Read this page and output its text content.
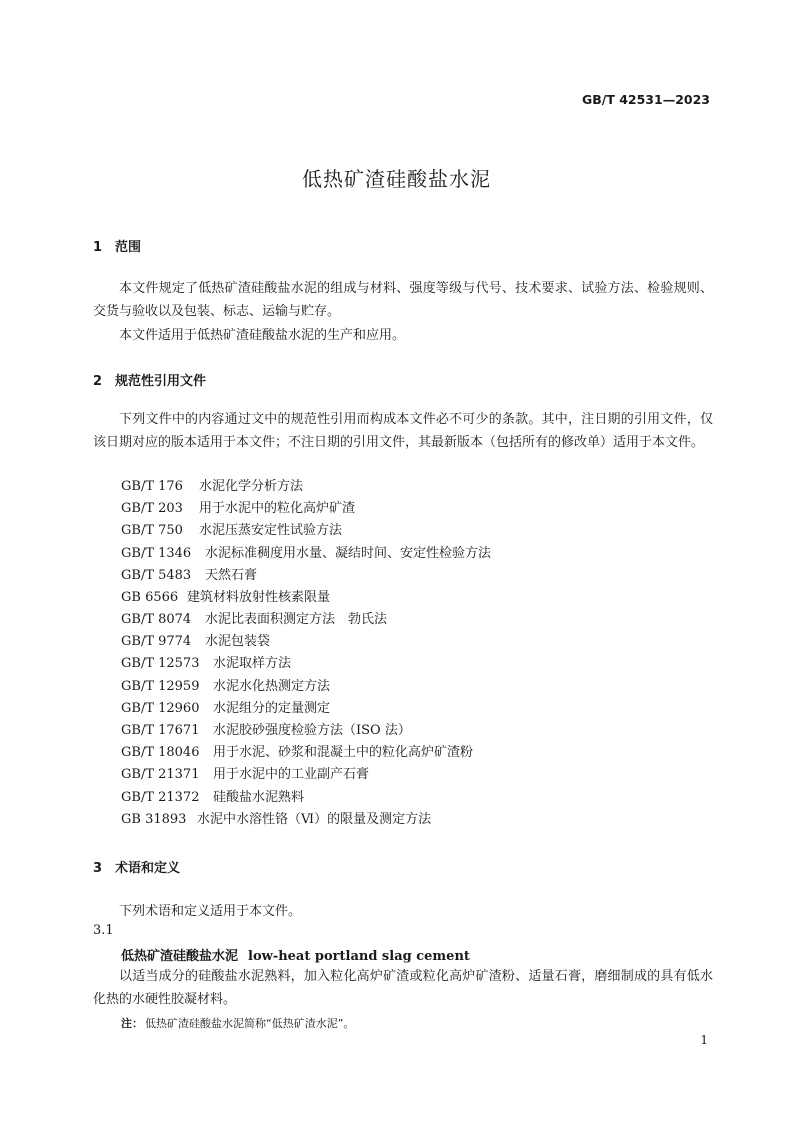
GB/T 42531—2023
低热矿渣硅酸盐水泥
1 范围
本文件规定了低热矿渣硅酸盐水泥的组成与材料、强度等级与代号、技术要求、试验方法、检验规则、交货与验收以及包装、标志、运输与贮存。
本文件适用于低热矿渣硅酸盐水泥的生产和应用。
2 规范性引用文件
下列文件中的内容通过文中的规范性引用而构成本文件必不可少的条款。其中，注日期的引用文件，仅该日期对应的版本适用于本文件；不注日期的引用文件，其最新版本（包括所有的修改单）适用于本文件。
GB/T 176 水泥化学分析方法
GB/T 203 用于水泥中的粒化高炉矿渣
GB/T 750 水泥压蒸安定性试验方法
GB/T 1346 水泥标准稠度用水量、凝结时间、安定性检验方法
GB/T 5483 天然石膏
GB 6566 建筑材料放射性核素限量
GB/T 8074 水泥比表面积测定方法　勃氏法
GB/T 9774 水泥包装袋
GB/T 12573 水泥取样方法
GB/T 12959 水泥水化热测定方法
GB/T 12960 水泥组分的定量测定
GB/T 17671 水泥胶砂强度检验方法（ISO 法）
GB/T 18046 用于水泥、砂浆和混凝土中的粒化高炉矿渣粉
GB/T 21371 用于水泥中的工业副产石膏
GB/T 21372 硅酸盐水泥熟料
GB 31893 水泥中水溶性铬（Ⅵ）的限量及测定方法
3 术语和定义
下列术语和定义适用于本文件。
3.1
低热矿渣硅酸盐水泥 low-heat portland slag cement
以适当成分的硅酸盐水泥熟料，加入粒化高炉矿渣或粒化高炉矿渣粉、适量石膏，磨细制成的具有低水化热的水硬性胶凝材料。
注： 低热矿渣硅酸盐水泥简称“低热矿渣水泥”。
1
